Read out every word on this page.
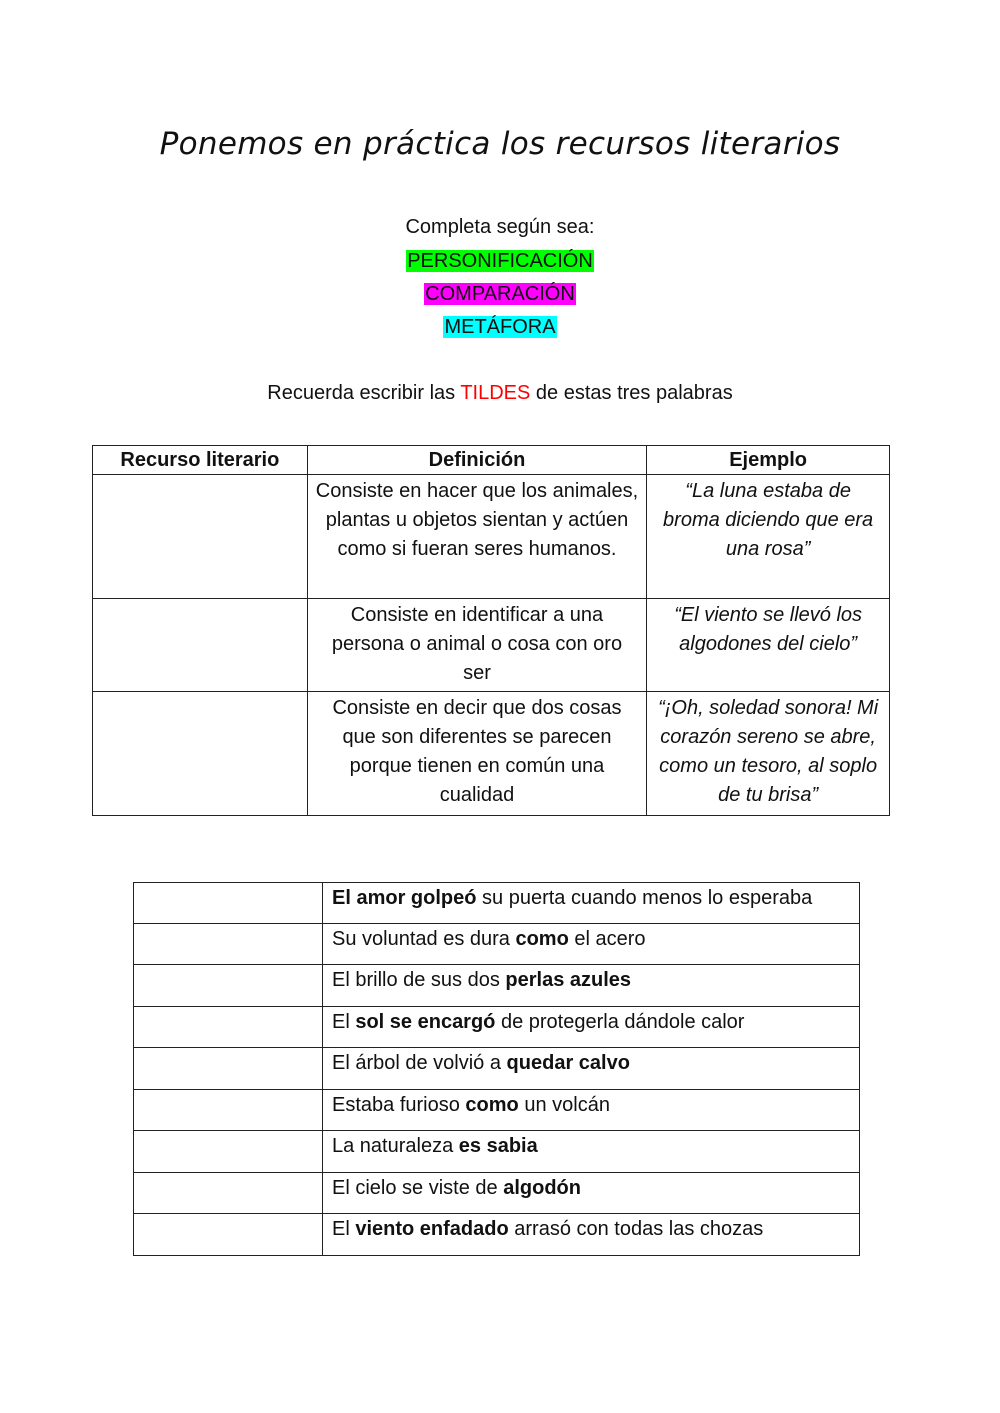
Ponemos en práctica los recursos literarios
Completa según sea:
PERSONIFICACIÓN
COMPARACIÓN
METÁFORA
Recuerda escribir las TILDES de estas tres palabras
Recurso literario	Definición	Ejemplo
	Consiste en hacer que los animales, plantas u objetos sientan y actúen como si fueran seres humanos.	“La luna estaba de broma diciendo que era una rosa”
	Consiste en identificar a una persona o animal o cosa con oro ser	“El viento se llevó los algodones del cielo”
	Consiste en decir que dos cosas que son diferentes se parecen porque tienen en común una cualidad	“¡Oh, soledad sonora! Mi corazón sereno se abre, como un tesoro, al soplo de tu brisa”
	El amor golpeó su puerta cuando menos lo esperaba
	Su voluntad es dura como el acero
	El brillo de sus dos perlas azules
	El sol se encargó de protegerla dándole calor
	El árbol de volvió a quedar calvo
	Estaba furioso como un volcán
	La naturaleza es sabia
	El cielo se viste de algodón
	El viento enfadado arrasó con todas las chozas
